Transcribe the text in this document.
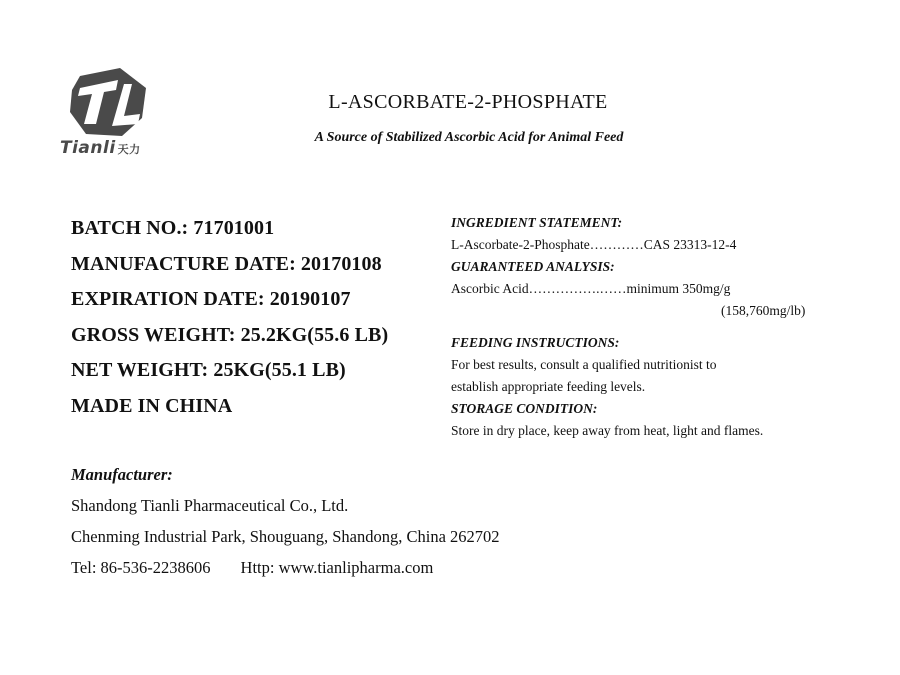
Tianli 天力
L-ASCORBATE-2-PHOSPHATE
A Source of Stabilized Ascorbic Acid for Animal Feed
BATCH NO.: 71701001
MANUFACTURE DATE: 20170108
EXPIRATION DATE: 20190107
GROSS WEIGHT: 25.2KG(55.6 LB)
NET WEIGHT: 25KG(55.1 LB)
MADE IN CHINA
INGREDIENT STATEMENT:
L-Ascorbate-2-Phosphate…………CAS 23313-12-4
GUARANTEED ANALYSIS:
Ascorbic Acid…………….……minimum 350mg/g
(158,760mg/lb)
FEEDING INSTRUCTIONS:
For best results, consult a qualified nutritionist to
establish appropriate feeding levels.
STORAGE CONDITION:
Store in dry place, keep away from heat, light and flames.
Manufacturer:
Shandong Tianli Pharmaceutical Co., Ltd.
Chenming Industrial Park, Shouguang, Shandong, China 262702
Tel: 86-536-2238606 Http: www.tianlipharma.com
